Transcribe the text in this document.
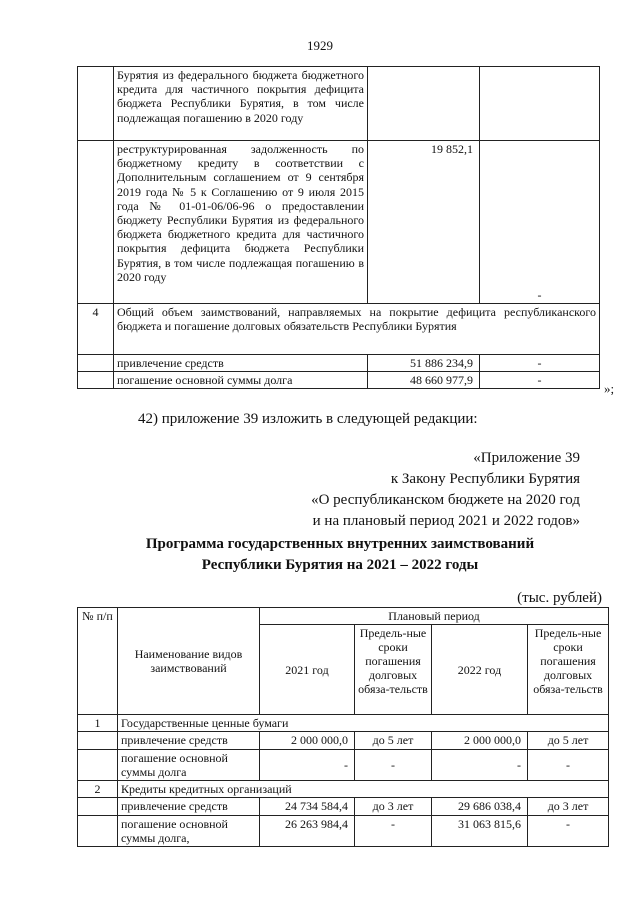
1929
	Бурятия из федерального бюджета бюджетного кредита для частичного покрытия дефицита бюджета Республики Бурятия, в том числе подлежащая погашению в 2020 году		
	реструктурированная задолженность по бюджетному кредиту в соответствии с Дополнительным соглашением от 9 сентября 2019 года № 5 к Соглашению от 9 июля 2015 года № 01-01-06/06-96 о предоставлении бюджету Республики Бурятия из федерального бюджета бюджетного кредита для частичного покрытия дефицита бюджета Республики Бурятия, в том числе подлежащая погашению в 2020 году	19 852,1	-
4	Общий объем заимствований, направляемых на покрытие дефицита республиканского бюджета и погашение долговых обязательств Республики Бурятия		
	привлечение средств	51 886 234,9	-
	погашение основной суммы долга	48 660 977,9	-
»;
42) приложение 39 изложить в следующей редакции:
«Приложение 39
к Закону Республики Бурятия
«О республиканском бюджете на 2020 год
и на плановый период 2021 и 2022 годов»
Программа государственных внутренних заимствований
Республики Бурятия на 2021 – 2022 годы
(тыс. рублей)
№ п/п	Наименование видов заимствований	Плановый период			
		2021 год	Предель-ные сроки погашения долговых обяза-тельств	2022 год	Предель-ные сроки погашения долговых обяза-тельств
1	Государственные ценные бумаги				
	привлечение средств	2 000 000,0	до 5 лет	2 000 000,0	до 5 лет
	погашение основной суммы долга	-	-	-	-
2	Кредиты кредитных организаций				
	привлечение средств	24 734 584,4	до 3 лет	29 686 038,4	до 3 лет
	погашение основной суммы долга,	26 263 984,4	-	31 063 815,6	-
